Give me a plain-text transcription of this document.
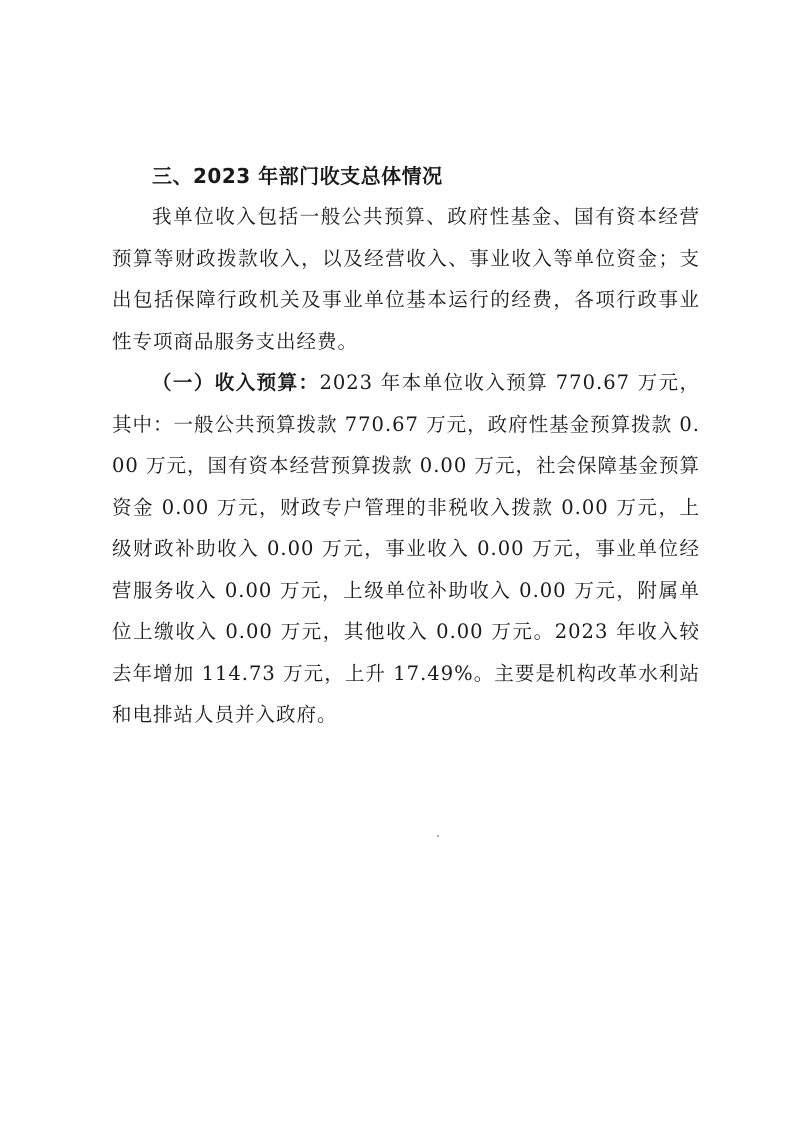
三、2023 年部门收支总体情况

我单位收入包括一般公共预算、政府性基金、国有资本经营预算等财政拨款收入，以及经营收入、事业收入等单位资金；支出包括保障行政机关及事业单位基本运行的经费，各项行政事业性专项商品服务支出经费。

（一）收入预算：2023 年本单位收入预算 770.67 万元，其中：一般公共预算拨款 770.67 万元，政府性基金预算拨款 0.00 万元，国有资本经营预算拨款 0.00 万元，社会保障基金预算资金 0.00 万元，财政专户管理的非税收入拨款 0.00 万元，上级财政补助收入 0.00 万元，事业收入 0.00 万元，事业单位经营服务收入 0.00 万元，上级单位补助收入 0.00 万元，附属单位上缴收入 0.00 万元，其他收入 0.00 万元。2023 年收入较去年增加 114.73 万元，上升 17.49%。主要是机构改革水利站和电排站人员并入政府。
